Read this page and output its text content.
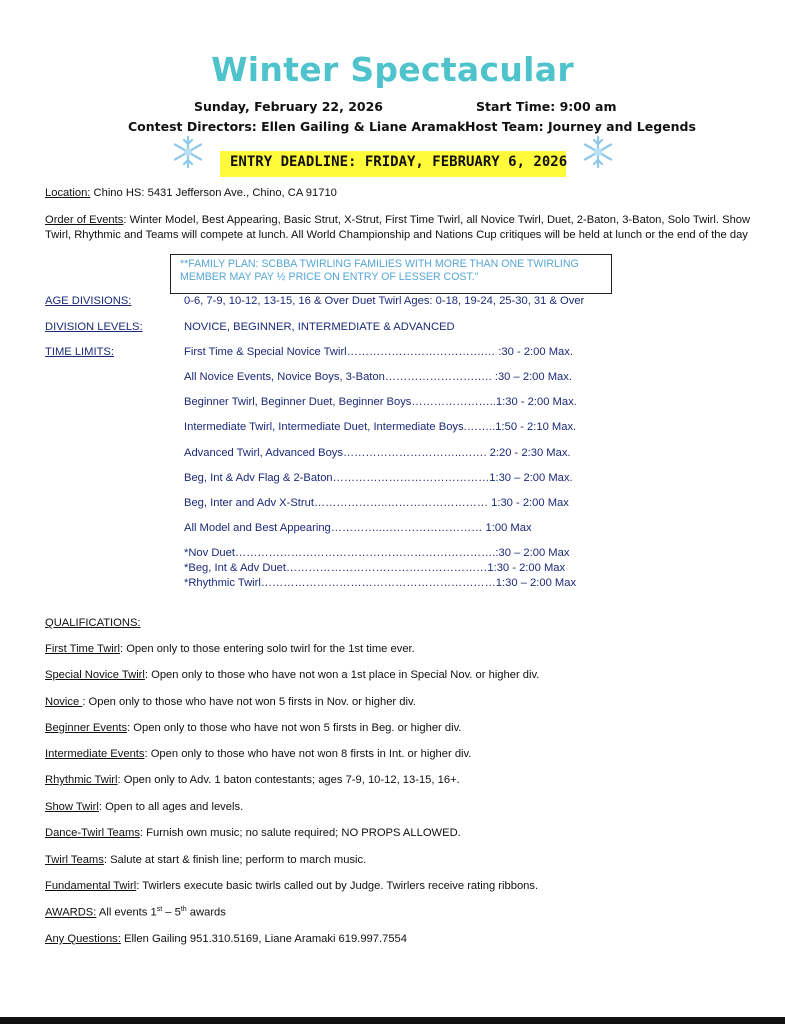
Winter Spectacular
Sunday, February 22, 2026	Start Time: 9:00 am
Contest Directors: Ellen Gailing & Liane Aramaki
Host Team: Journey and Legends
ENTRY DEADLINE: FRIDAY, FEBRUARY 6, 2026
Location: Chino HS: 5431 Jefferson Ave., Chino, CA 91710
Order of Events: Winter Model, Best Appearing, Basic Strut, X-Strut, First Time Twirl, all Novice Twirl, Duet, 2-Baton, 3-Baton, Solo Twirl. Show
Twirl, Rhythmic and Teams will compete at lunch. All World Championship and Nations Cup critiques will be held at lunch or the end of the day
**FAMILY PLAN: SCBBA TWIRLING FAMILIES WITH MORE THAN ONE TWIRLING
MEMBER MAY PAY ½ PRICE ON ENTRY OF LESSER COST."
AGE DIVISIONS:	0-6, 7-9, 10-12, 13-15, 16 & Over Duet Twirl Ages: 0-18, 19-24, 25-30, 31 & Over
DIVISION LEVELS:	NOVICE, BEGINNER, INTERMEDIATE & ADVANCED
TIME LIMITS:	First Time & Special Novice Twirl……………………………….… :30 - 2:00 Max.
All Novice Events, Novice Boys, 3-Baton…………………….…. :30 – 2:00 Max.
Beginner Twirl, Beginner Duet, Beginner Boys…………………..1:30 - 2:00 Max.
Intermediate Twirl, Intermediate Duet, Intermediate Boys.……..1:50 - 2:10 Max.
Advanced Twirl, Advanced Boys…………………………..……. 2:20 - 2:30 Max.
Beg, Int & Adv Flag & 2-Baton……………………………………1:30 – 2:00 Max.
Beg, Inter and Adv X-Strut………………..……………………… 1:30 - 2:00 Max
All Model and Best Appearing…………..……………………… 1:00 Max
*Nov Duet…………………………………………………………….:30 – 2:00 Max
*Beg, Int & Adv Duet………………………………………………1:30 - 2:00 Max
*Rhythmic Twirl………………………………………………………1:30 – 2:00 Max
QUALIFICATIONS:
First Time Twirl: Open only to those entering solo twirl for the 1st time ever.
Special Novice Twirl: Open only to those who have not won a 1st place in Special Nov. or higher div.
Novice : Open only to those who have not won 5 firsts in Nov. or higher div.
Beginner Events: Open only to those who have not won 5 firsts in Beg. or higher div.
Intermediate Events: Open only to those who have not won 8 firsts in Int. or higher div.
Rhythmic Twirl: Open only to Adv. 1 baton contestants; ages 7-9, 10-12, 13-15, 16+.
Show Twirl: Open to all ages and levels.
Dance-Twirl Teams: Furnish own music; no salute required; NO PROPS ALLOWED.
Twirl Teams: Salute at start & finish line; perform to march music.
Fundamental Twirl: Twirlers execute basic twirls called out by Judge. Twirlers receive rating ribbons.
AWARDS: All events 1st – 5th awards
Any Questions: Ellen Gailing 951.310.5169, Liane Aramaki 619.997.7554
